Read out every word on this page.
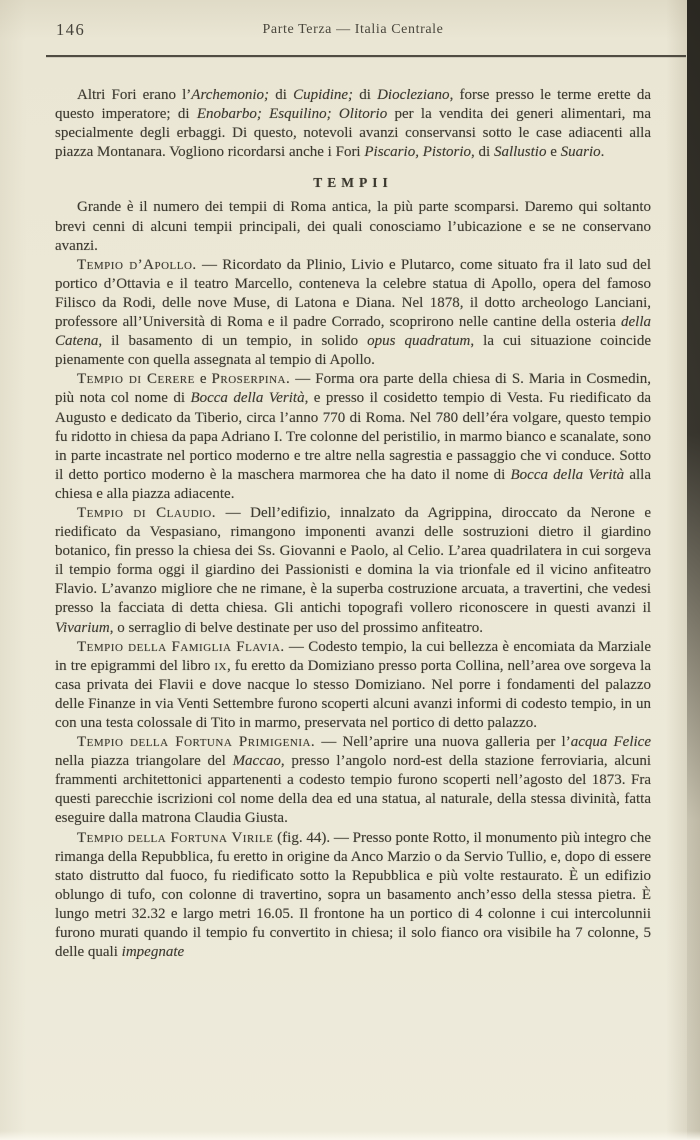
146	Parte Terza — Italia Centrale

Altri Fori erano l’Archemonio; di Cupidine; di Diocleziano, forse presso le terme erette da questo imperatore; di Enobarbo; Esquilino; Olitorio per la vendita dei generi alimentari, ma specialmente degli erbaggi. Di questo, notevoli avanzi conservansi sotto le case adiacenti alla piazza Montanara. Vogliono ricordarsi anche i Fori Piscario, Pistorio, di Sallustio e Suario.

TEMPII

Grande è il numero dei tempii di Roma antica, la più parte scomparsi. Daremo qui soltanto brevi cenni di alcuni tempii principali, dei quali conosciamo l’ubicazione e se ne conservano avanzi.

Tempio d’Apollo. — Ricordato da Plinio, Livio e Plutarco, come situato fra il lato sud del portico d’Ottavia e il teatro Marcello, conteneva la celebre statua di Apollo, opera del famoso Filisco da Rodi, delle nove Muse, di Latona e Diana. Nel 1878, il dotto archeologo Lanciani, professore all’Università di Roma e il padre Corrado, scoprirono nelle cantine della osteria della Catena, il basamento di un tempio, in solido opus quadratum, la cui situazione coincide pienamente con quella assegnata al tempio di Apollo.

Tempio di Cerere e Proserpina. — Forma ora parte della chiesa di S. Maria in Cosmedin, più nota col nome di Bocca della Verità, e presso il cosidetto tempio di Vesta. Fu riedificato da Augusto e dedicato da Tiberio, circa l’anno 770 di Roma. Nel 780 dell’éra volgare, questo tempio fu ridotto in chiesa da papa Adriano I. Tre colonne del peristilio, in marmo bianco e scanalate, sono in parte incastrate nel portico moderno e tre altre nella sagrestia e passaggio che vi conduce. Sotto il detto portico moderno è la maschera marmorea che ha dato il nome di Bocca della Verità alla chiesa e alla piazza adiacente.

Tempio di Claudio. — Dell’edifizio, innalzato da Agrippina, diroccato da Nerone e riedificato da Vespasiano, rimangono imponenti avanzi delle sostruzioni dietro il giardino botanico, fin presso la chiesa dei Ss. Giovanni e Paolo, al Celio. L’area quadrilatera in cui sorgeva il tempio forma oggi il giardino dei Passionisti e domina la via trionfale ed il vicino anfiteatro Flavio. L’avanzo migliore che ne rimane, è la superba costruzione arcuata, a travertini, che vedesi presso la facciata di detta chiesa. Gli antichi topografi vollero riconoscere in questi avanzi il Vivarium, o serraglio di belve destinate per uso del prossimo anfiteatro.

Tempio della Famiglia Flavia. — Codesto tempio, la cui bellezza è encomiata da Marziale in tre epigrammi del libro ix, fu eretto da Domiziano presso porta Collina, nell’area ove sorgeva la casa privata dei Flavii e dove nacque lo stesso Domiziano. Nel porre i fondamenti del palazzo delle Finanze in via Venti Settembre furono scoperti alcuni avanzi informi di codesto tempio, in un con una testa colossale di Tito in marmo, preservata nel portico di detto palazzo.

Tempio della Fortuna Primigenia. — Nell’aprire una nuova galleria per l’acqua Felice nella piazza triangolare del Maccao, presso l’angolo nord-est della stazione ferroviaria, alcuni frammenti architettonici appartenenti a codesto tempio furono scoperti nell’agosto del 1873. Fra questi parecchie iscrizioni col nome della dea ed una statua, al naturale, della stessa divinità, fatta eseguire dalla matrona Claudia Giusta.

Tempio della Fortuna Virile (fig. 44). — Presso ponte Rotto, il monumento più integro che rimanga della Repubblica, fu eretto in origine da Anco Marzio o da Servio Tullio, e, dopo di essere stato distrutto dal fuoco, fu riedificato sotto la Repubblica e più volte restaurato. È un edifizio oblungo di tufo, con colonne di travertino, sopra un basamento anch’esso della stessa pietra. È lungo metri 32.32 e largo metri 16.05. Il frontone ha un portico di 4 colonne i cui intercolunnii furono murati quando il tempio fu convertito in chiesa; il solo fianco ora visibile ha 7 colonne, 5 delle quali impegnate
